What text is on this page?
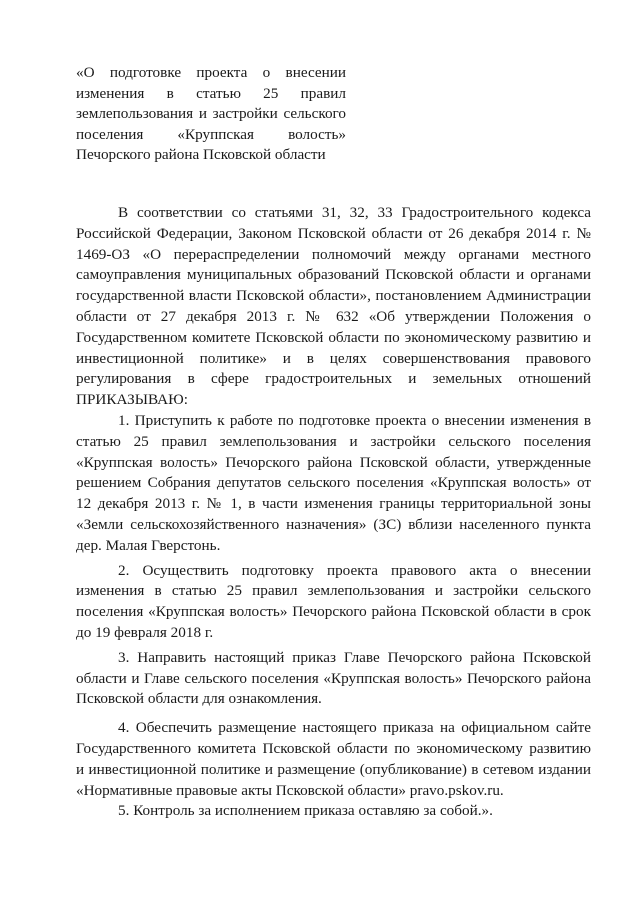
«О подготовке проекта о внесении
изменения в статью 25 правил
землепользования и застройки сельского
поселения «Круппская волость»
Печорского района Псковской области
В соответствии со статьями 31, 32, 33 Градостроительного кодекса
Российской Федерации, Законом Псковской области от 26 декабря 2014 г. №
1469-ОЗ «О перераспределении полномочий между органами местного
самоуправления муниципальных образований Псковской области и органами
государственной власти Псковской области», постановлением Администрации
области от 27 декабря 2013 г. № 632 «Об утверждении Положения о
Государственном комитете Псковской области по экономическому развитию и
инвестиционной политике» и в целях совершенствования правового
регулирования в сфере градостроительных и земельных отношений
ПРИКАЗЫВАЮ:
1. Приступить к работе по подготовке проекта о внесении изменения в
статью 25 правил землепользования и застройки сельского поселения
«Круппская волость» Печорского района Псковской области, утвержденные
решением Собрания депутатов сельского поселения «Круппская волость» от
12 декабря 2013 г. № 1, в части изменения границы территориальной зоны
«Земли сельскохозяйственного назначения» (ЗС) вблизи населенного пункта
дер. Малая Гверстонь.
2. Осуществить подготовку проекта правового акта о внесении
изменения в статью 25 правил землепользования и застройки сельского
поселения «Круппская волость» Печорского района Псковской области в срок
до 19 февраля 2018 г.
3. Направить настоящий приказ Главе Печорского района Псковской
области и Главе сельского поселения «Круппская волость» Печорского района
Псковской области для ознакомления.
4. Обеспечить размещение настоящего приказа на официальном сайте
Государственного комитета Псковской области по экономическому развитию
и инвестиционной политике и размещение (опубликование) в сетевом издании
«Нормативные правовые акты Псковской области» pravo.pskov.ru.
5. Контроль за исполнением приказа оставляю за собой.».
